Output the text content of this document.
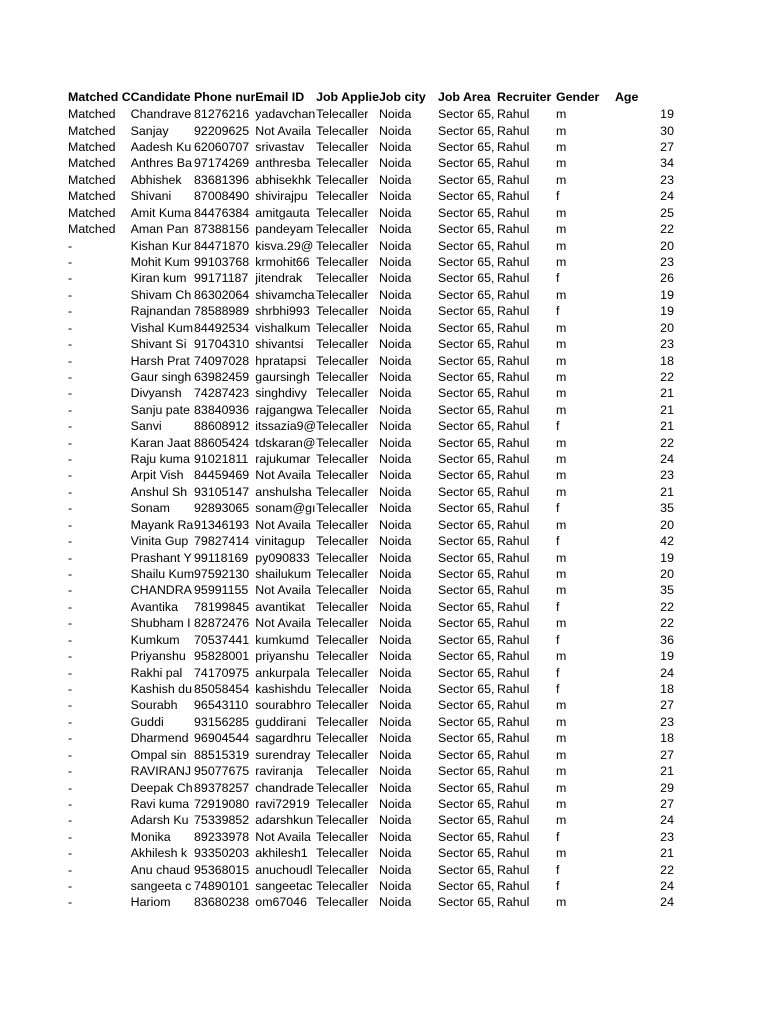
Matched C	Candidate	Phone nur	Email ID	Job Applie	Job city	Job Area	Recruiter	Gender	Age
Matched	Chandrave	81276216	yadavchan	Telecaller	Noida	Sector 65,	Rahul	m	19
Matched	Sanjay	92209625	Not Availa	Telecaller	Noida	Sector 65,	Rahul	m	30
Matched	Aadesh Ku	62060707	srivastav	Telecaller	Noida	Sector 65,	Rahul	m	27
Matched	Anthres Ba	97174269	anthresba	Telecaller	Noida	Sector 65,	Rahul	m	34
Matched	Abhishek	83681396	abhisekhk	Telecaller	Noida	Sector 65,	Rahul	m	23
Matched	Shivani	87008490	shivirajpu	Telecaller	Noida	Sector 65,	Rahul	f	24
Matched	Amit Kuma	84476384	amitgauta	Telecaller	Noida	Sector 65,	Rahul	m	25
Matched	Aman Pan	87388156	pandeyam	Telecaller	Noida	Sector 65,	Rahul	m	22
-	Kishan Kur	84471870	kisva.29@	Telecaller	Noida	Sector 65,	Rahul	m	20
-	Mohit Kum	99103768	krmohit66	Telecaller	Noida	Sector 65,	Rahul	m	23
-	Kiran kum	99171187	jitendrak	Telecaller	Noida	Sector 65,	Rahul	f	26
-	Shivam Ch	86302064	shivamcha	Telecaller	Noida	Sector 65,	Rahul	m	19
-	Rajnandan	78588989	shrbhi993	Telecaller	Noida	Sector 65,	Rahul	f	19
-	Vishal Kum	84492534	vishalkum	Telecaller	Noida	Sector 65,	Rahul	m	20
-	Shivant Si	91704310	shivantsi	Telecaller	Noida	Sector 65,	Rahul	m	23
-	Harsh Prat	74097028	hpratapsi	Telecaller	Noida	Sector 65,	Rahul	m	18
-	Gaur singh	63982459	gaursingh	Telecaller	Noida	Sector 65,	Rahul	m	22
-	Divyansh	74287423	singhdivy	Telecaller	Noida	Sector 65,	Rahul	m	21
-	Sanju pate	83840936	rajgangwa	Telecaller	Noida	Sector 65,	Rahul	m	21
-	Sanvi	88608912	itssazia9@	Telecaller	Noida	Sector 65,	Rahul	f	21
-	Karan Jaat	88605424	tdskaran@	Telecaller	Noida	Sector 65,	Rahul	m	22
-	Raju kuma	91021811	rajukumar	Telecaller	Noida	Sector 65,	Rahul	m	24
-	Arpit Vish	84459469	Not Availa	Telecaller	Noida	Sector 65,	Rahul	m	23
-	Anshul Sh	93105147	anshulsha	Telecaller	Noida	Sector 65,	Rahul	m	21
-	Sonam	92893065	sonam@gı	Telecaller	Noida	Sector 65,	Rahul	f	35
-	Mayank Ra	91346193	Not Availa	Telecaller	Noida	Sector 65,	Rahul	m	20
-	Vinita Gup	79827414	vinitagup	Telecaller	Noida	Sector 65,	Rahul	f	42
-	Prashant Y	99118169	py090833	Telecaller	Noida	Sector 65,	Rahul	m	19
-	Shailu Kum	97592130	shailukum	Telecaller	Noida	Sector 65,	Rahul	m	20
-	CHANDRA	95991155	Not Availa	Telecaller	Noida	Sector 65,	Rahul	m	35
-	Avantika	78199845	avantikat	Telecaller	Noida	Sector 65,	Rahul	f	22
-	Shubham I	82872476	Not Availa	Telecaller	Noida	Sector 65,	Rahul	m	22
-	Kumkum	70537441	kumkumd	Telecaller	Noida	Sector 65,	Rahul	f	36
-	Priyanshu	95828001	priyanshu	Telecaller	Noida	Sector 65,	Rahul	m	19
-	Rakhi pal	74170975	ankurpala	Telecaller	Noida	Sector 65,	Rahul	f	24
-	Kashish du	85058454	kashishdu	Telecaller	Noida	Sector 65,	Rahul	f	18
-	Sourabh	96543110	sourabhro	Telecaller	Noida	Sector 65,	Rahul	m	27
-	Guddi	93156285	guddirani	Telecaller	Noida	Sector 65,	Rahul	m	23
-	Dharmend	96904544	sagardhru	Telecaller	Noida	Sector 65,	Rahul	m	18
-	Ompal sin	88515319	surendray	Telecaller	Noida	Sector 65,	Rahul	m	27
-	RAVIRANJ	95077675	raviranja	Telecaller	Noida	Sector 65,	Rahul	m	21
-	Deepak Ch	89378257	chandrade	Telecaller	Noida	Sector 65,	Rahul	m	29
-	Ravi kuma	72919080	ravi72919	Telecaller	Noida	Sector 65,	Rahul	m	27
-	Adarsh Ku	75339852	adarshkun	Telecaller	Noida	Sector 65,	Rahul	m	24
-	Monika	89233978	Not Availa	Telecaller	Noida	Sector 65,	Rahul	f	23
-	Akhilesh k	93350203	akhilesh1	Telecaller	Noida	Sector 65,	Rahul	m	21
-	Anu chaud	95368015	anuchoudl	Telecaller	Noida	Sector 65,	Rahul	f	22
-	sangeeta c	74890101	sangeetac	Telecaller	Noida	Sector 65,	Rahul	f	24
-	Hariom	83680238	om67046	Telecaller	Noida	Sector 65,	Rahul	m	24
